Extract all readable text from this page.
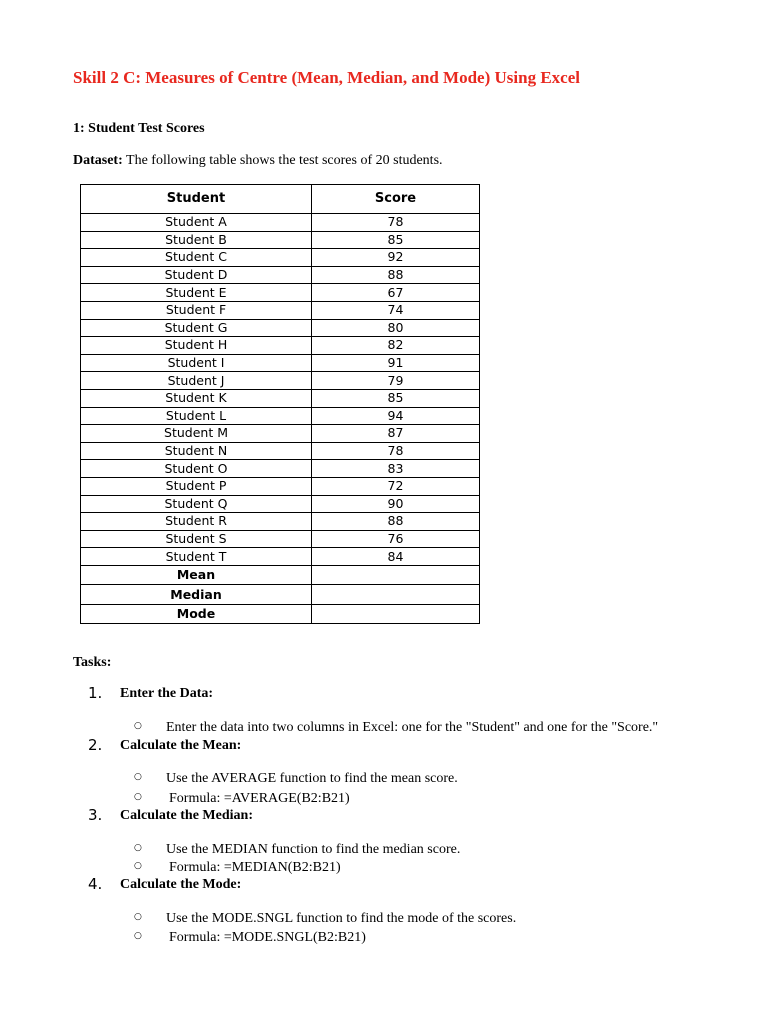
Skill 2 C: Measures of Centre (Mean, Median, and Mode) Using Excel
1: Student Test Scores

Dataset: The following table shows the test scores of 20 students.

Student	Score
Student A	78
Student B	85
Student C	92
Student D	88
Student E	67
Student F	74
Student G	80
Student H	82
Student I	91
Student J	79
Student K	85
Student L	94
Student M	87
Student N	78
Student O	83
Student P	72
Student Q	90
Student R	88
Student S	76
Student T	84
Mean	
Median	
Mode	
Tasks:
1. Enter the Data:
○ Enter the data into two columns in Excel: one for the "Student" and one for the "Score."
2. Calculate the Mean:
○ Use the AVERAGE function to find the mean score.
○ Formula: =AVERAGE(B2:B21)
3. Calculate the Median:
○ Use the MEDIAN function to find the median score.
○ Formula: =MEDIAN(B2:B21)
4. Calculate the Mode:
○ Use the MODE.SNGL function to find the mode of the scores.
○ Formula: =MODE.SNGL(B2:B21)
